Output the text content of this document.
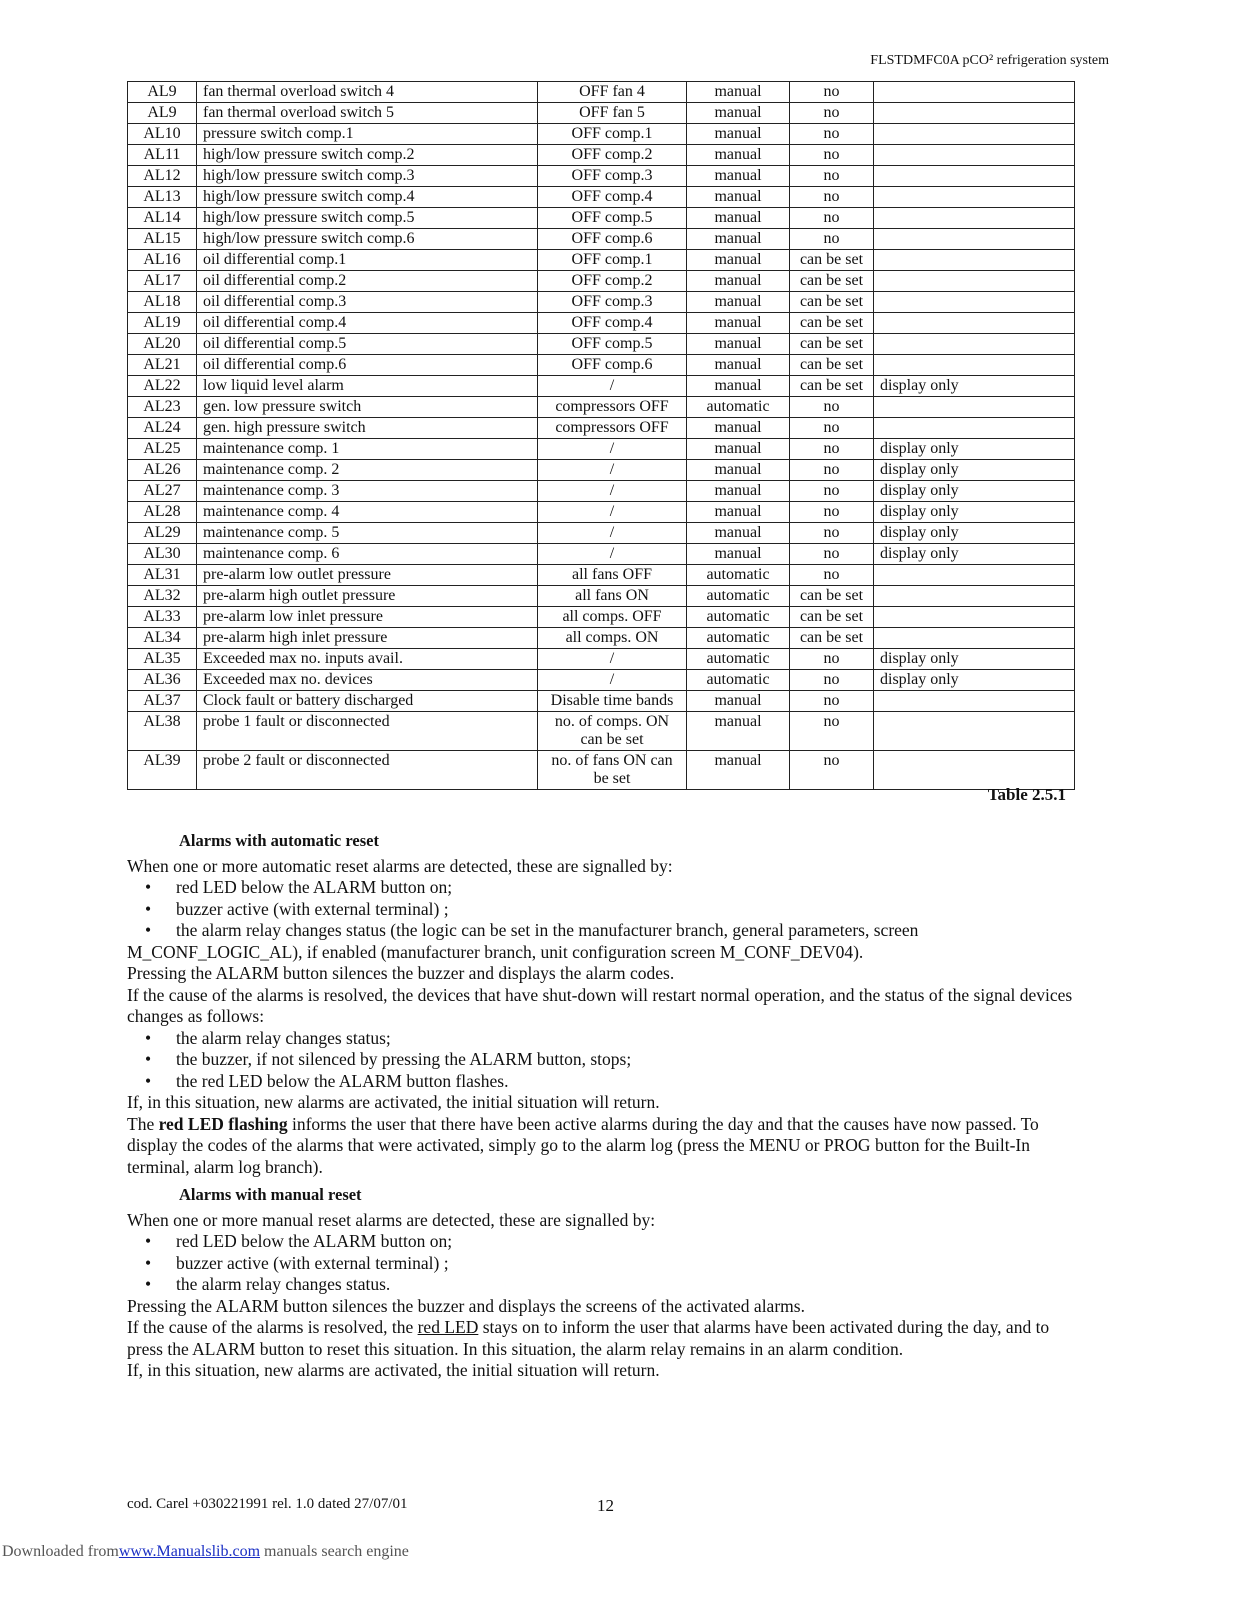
FLSTDMFC0A pCO² refrigeration system
AL9	fan thermal overload switch 4	OFF fan 4	manual	no	
AL9	fan thermal overload switch 5	OFF fan 5	manual	no	
AL10	pressure switch comp.1	OFF comp.1	manual	no	
AL11	high/low pressure switch comp.2	OFF comp.2	manual	no	
AL12	high/low pressure switch comp.3	OFF comp.3	manual	no	
AL13	high/low pressure switch comp.4	OFF comp.4	manual	no	
AL14	high/low pressure switch comp.5	OFF comp.5	manual	no	
AL15	high/low pressure switch comp.6	OFF comp.6	manual	no	
AL16	oil differential comp.1	OFF comp.1	manual	can be set	
AL17	oil differential comp.2	OFF comp.2	manual	can be set	
AL18	oil differential comp.3	OFF comp.3	manual	can be set	
AL19	oil differential comp.4	OFF comp.4	manual	can be set	
AL20	oil differential comp.5	OFF comp.5	manual	can be set	
AL21	oil differential comp.6	OFF comp.6	manual	can be set	
AL22	low liquid level alarm	/	manual	can be set	display only
AL23	gen. low pressure switch	compressors OFF	automatic	no	
AL24	gen. high pressure switch	compressors OFF	manual	no	
AL25	maintenance comp. 1	/	manual	no	display only
AL26	maintenance comp. 2	/	manual	no	display only
AL27	maintenance comp. 3	/	manual	no	display only
AL28	maintenance comp. 4	/	manual	no	display only
AL29	maintenance comp. 5	/	manual	no	display only
AL30	maintenance comp. 6	/	manual	no	display only
AL31	pre-alarm low outlet pressure	all fans OFF	automatic	no	
AL32	pre-alarm high outlet pressure	all fans ON	automatic	can be set	
AL33	pre-alarm low inlet pressure	all comps. OFF	automatic	can be set	
AL34	pre-alarm high inlet pressure	all comps. ON	automatic	can be set	
AL35	Exceeded max no. inputs avail.	/	automatic	no	display only
AL36	Exceeded max no. devices	/	automatic	no	display only
AL37	Clock fault or battery discharged	Disable time bands	manual	no	
AL38	probe 1 fault or disconnected	no. of comps. ON can be set	manual	no	
AL39	probe 2 fault or disconnected	no. of fans ON can be set	manual	no	
Table 2.5.1
Alarms with automatic reset

When one or more automatic reset alarms are detected, these are signalled by:

• red LED below the ALARM button on;
• buzzer active (with external terminal) ;
• the alarm relay changes status (the logic can be set in the manufacturer branch, general parameters, screen

M_CONF_LOGIC_AL), if enabled (manufacturer branch, unit configuration screen M_CONF_DEV04).

Pressing the ALARM button silences the buzzer and displays the alarm codes.

If the cause of the alarms is resolved, the devices that have shut-down will restart normal operation, and the status of the signal devices changes as follows:

• the alarm relay changes status;
• the buzzer, if not silenced by pressing the ALARM button, stops;
• the red LED below the ALARM button flashes.

If, in this situation, new alarms are activated, the initial situation will return.

The red LED flashing informs the user that there have been active alarms during the day and that the causes have now passed. To display the codes of the alarms that were activated, simply go to the alarm log (press the MENU or PROG button for the Built-In terminal, alarm log branch).

Alarms with manual reset

When one or more manual reset alarms are detected, these are signalled by:

• red LED below the ALARM button on;
• buzzer active (with external terminal) ;
• the alarm relay changes status.

Pressing the ALARM button silences the buzzer and displays the screens of the activated alarms.

If the cause of the alarms is resolved, the red LED stays on to inform the user that alarms have been activated during the day, and to press the ALARM button to reset this situation. In this situation, the alarm relay remains in an alarm condition.

If, in this situation, new alarms are activated, the initial situation will return.

cod. Carel +030221991 rel. 1.0 dated 27/07/01	12
Downloaded fromwww.Manualslib.com manuals search engine
